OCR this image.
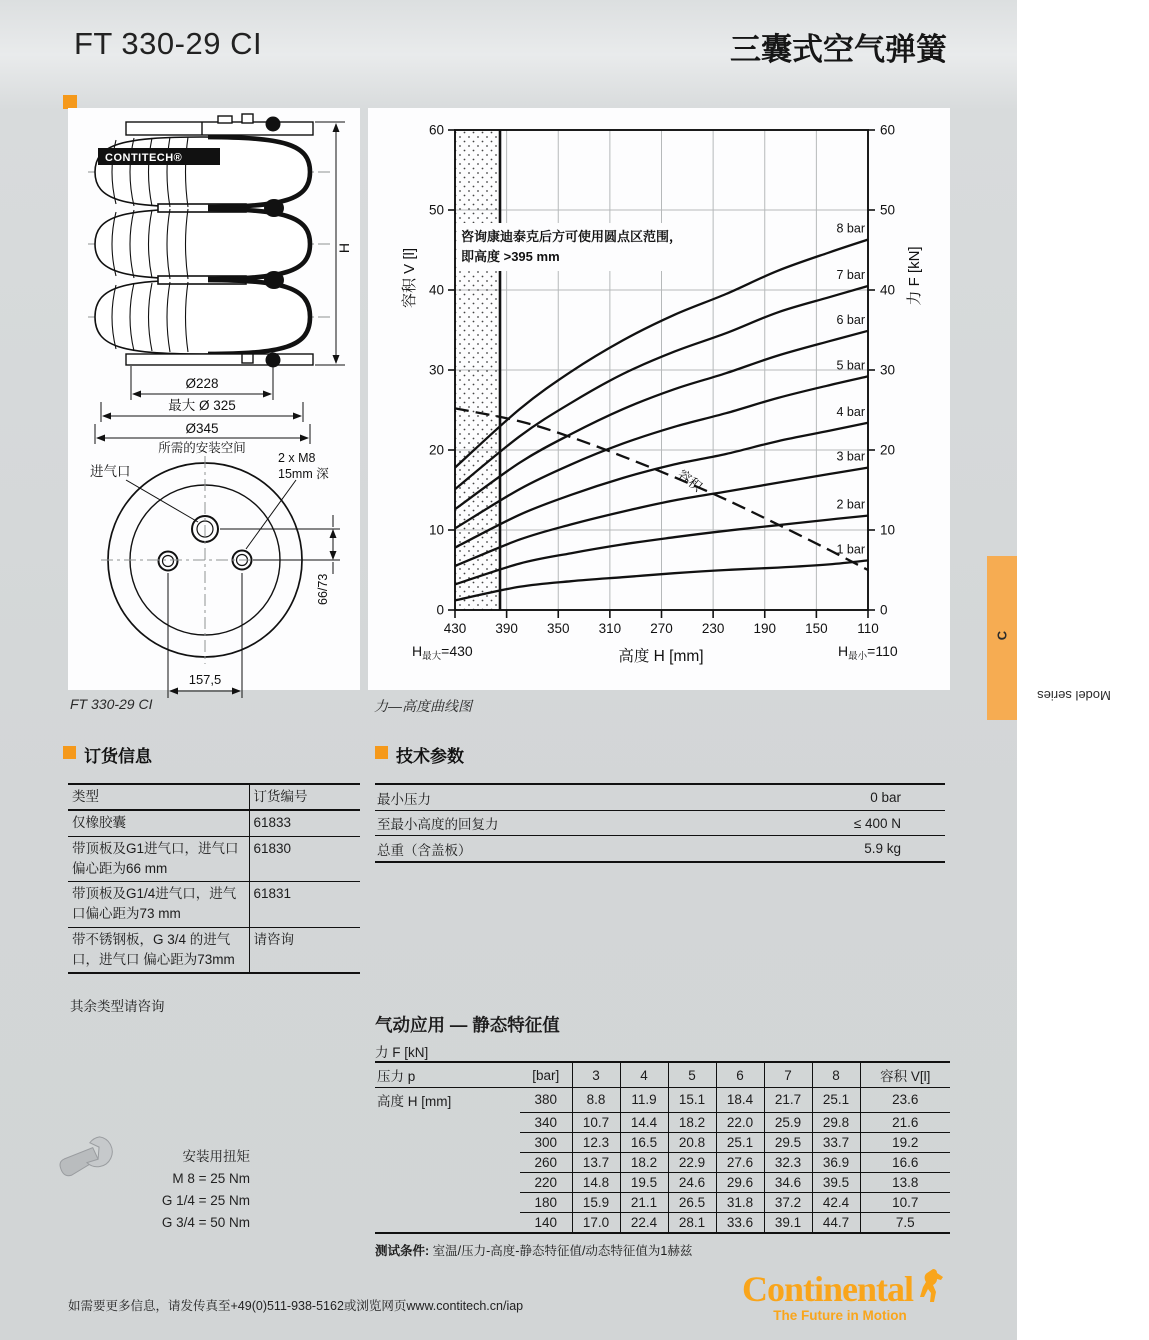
FT 330-29 CI	三囊式空气弹簧
CONTITECH®
H
Ø228
最大 Ø 325
Ø345
所需的安装空间
进气口
2 x M8
15mm 深
66/73
157,5
咨询康迪泰克后方可使用圆点区范围，
即高度 >395 mm
1 bar
2 bar
3 bar
4 bar
5 bar
6 bar
7 bar
8 bar
容积
0	0
10	10
20	20
30	30
40	40
50	50
60	60
430 390 350 310 270 230 190 150 110
容积 V [l]	力 F [kN]
高度 H [mm]
$H_{最大}=430$	$H_{最小}=110$
FT 330-29 CI	力—高度曲线图
订货信息
类型	订货编号
仅橡胶囊	61833
带顶板及G1进气口，进气口偏心距为66 mm	61830
带顶板及G1/4进气口，进气口偏心距为73 mm	61831
带不锈钢板，G 3/4 的进气口，进气口 偏心距为73mm	请咨询
其余类型请咨询
技术参数
最小压力	0 bar
至最小高度的回复力	≤ 400 N
总重（含盖板）	5.9 kg
气动应用 — 静态特征值
力 F [kN]
压力 p	[bar]	3	4	5	6	7	8	容积 V[l]
高度 H [mm]	380	8.8	11.9	15.1	18.4	21.7	25.1	23.6
	340	10.7	14.4	18.2	22.0	25.9	29.8	21.6
	300	12.3	16.5	20.8	25.1	29.5	33.7	19.2
	260	13.7	18.2	22.9	27.6	32.3	36.9	16.6
	220	14.8	19.5	24.6	29.6	34.6	39.5	13.8
	180	15.9	21.1	26.5	31.8	37.2	42.4	10.7
	140	17.0	22.4	28.1	33.6	39.1	44.7	7.5
测试条件: 室温/压力-高度-静态特征值/动态特征值为1赫兹
安装用扭矩
M 8 = 25 Nm
G 1/4 = 25 Nm
G 3/4 = 50 Nm
如需要更多信息，请发传真至+49(0)511-938-5162或浏览网页www.contitech.cn/iap	Continental
The Future in Motion
Model series
C
